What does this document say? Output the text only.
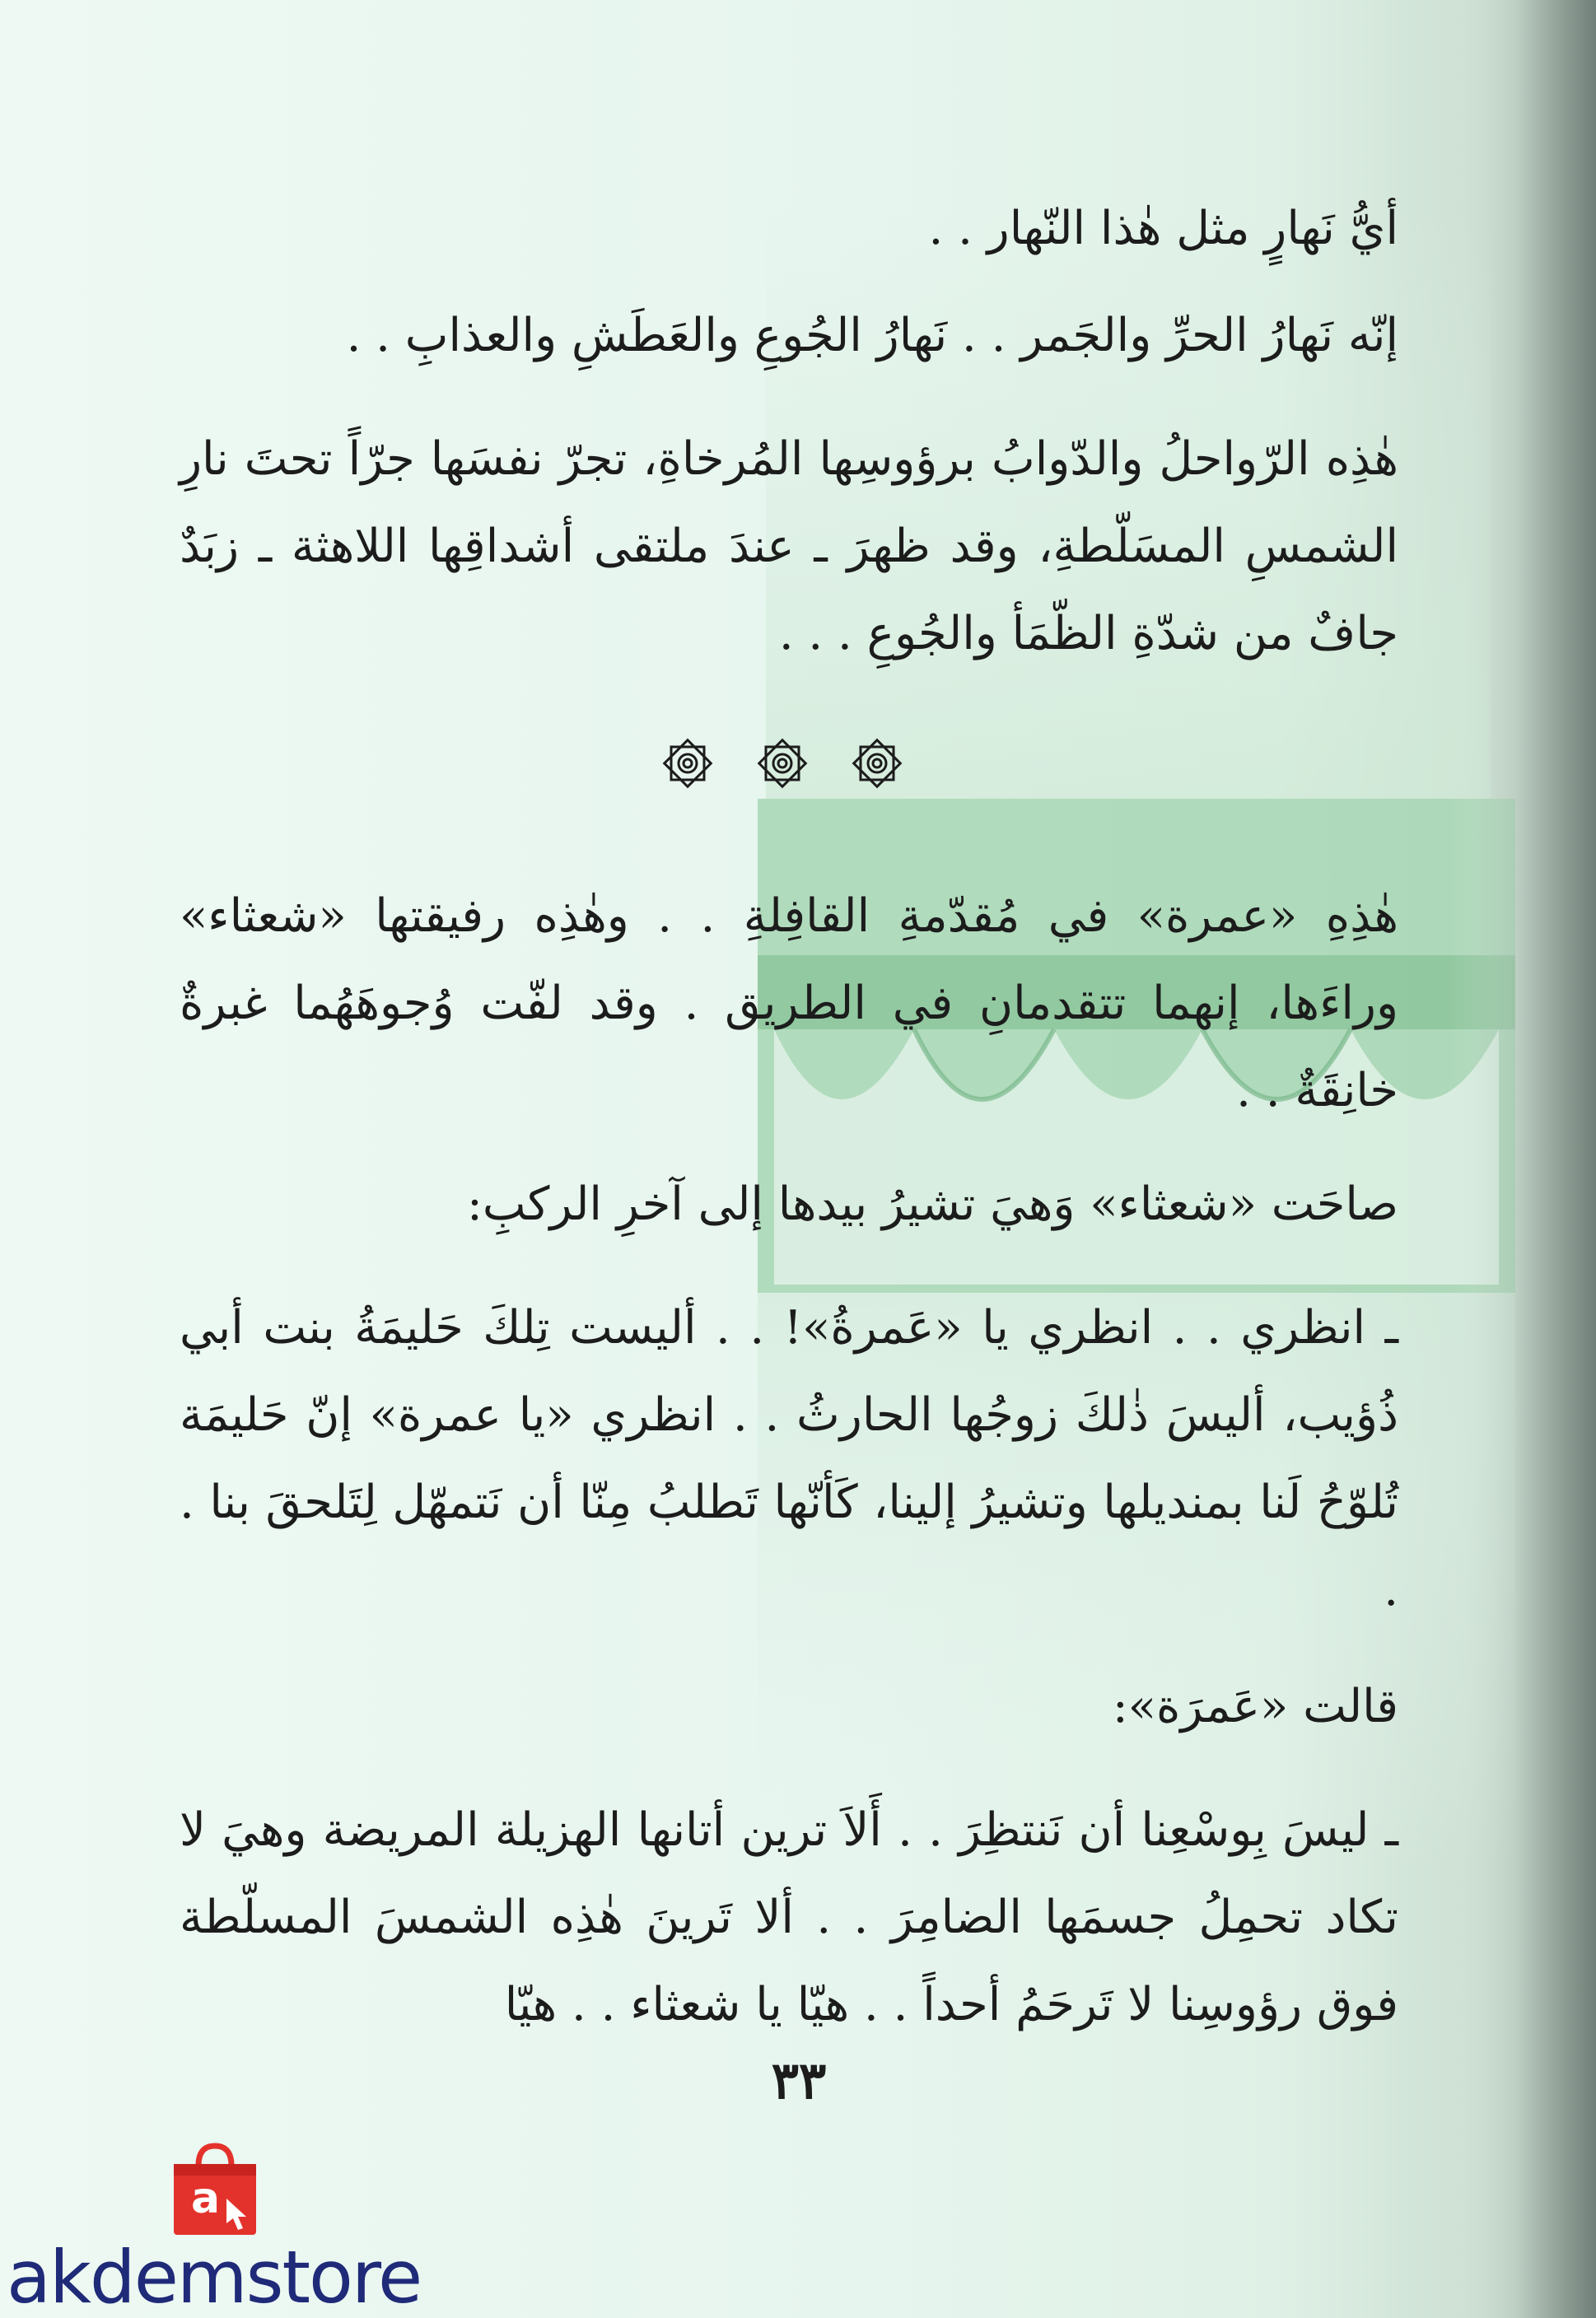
أيُّ نَهارٍ مثل هٰذا النّهار . .

إنّه نَهارُ الحرِّ والجَمر . . نَهارُ الجُوعِ والعَطَشِ والعذابِ . .

هٰذِه الرّواحلُ والدّوابُ برؤوسِها المُرخاةِ، تجرّ نفسَها جرّاً تحتَ نارِ الشمسِ المسَلّطةِ، وقد ظهرَ ـ عندَ ملتقى أشداقِها اللاهثة ـ زبَدٌ جافٌ من شدّةِ الظّمَأ والجُوعِ . . .

هٰذِهِ «عمرة» في مُقدّمةِ القافِلةِ . . وهٰذِه رفيقتها «شعثاء» وراءَها، إنهما تتقدمانِ في الطريق . وقد لفّت وُجوهَهُما غبرةٌ خانِقَةٌ . .

صاحَت «شعثاء» وَهيَ تشيرُ بيدها إلى آخرِ الركبِ:

ـ انظري . . انظري يا «عَمرةُ»! . . أليست تِلكَ حَليمَةُ بنت أبي ذُؤيب، أليسَ ذٰلكَ زوجُها الحارثُ . . انظري «يا عمرة» إنّ حَليمَة تُلوّحُ لَنا بمنديلها وتشيرُ إلينا، كَأنّها تَطلبُ مِنّا أن نَتمهّل لِتَلحقَ بنا . .

قالت «عَمرَة»:

ـ ليسَ بِوسْعِنا أن نَنتظِرَ . . أَلاَ ترين أتانها الهزيلة المريضة وهيَ لا تكاد تحمِلُ جسمَها الضامِرَ . . ألا تَرينَ هٰذِه الشمسَ المسلّطة فوق رؤوسِنا لا تَرحَمُ أحداً . . هيّا يا شعثاء . . هيّا

٣٣
a
akdemstore
